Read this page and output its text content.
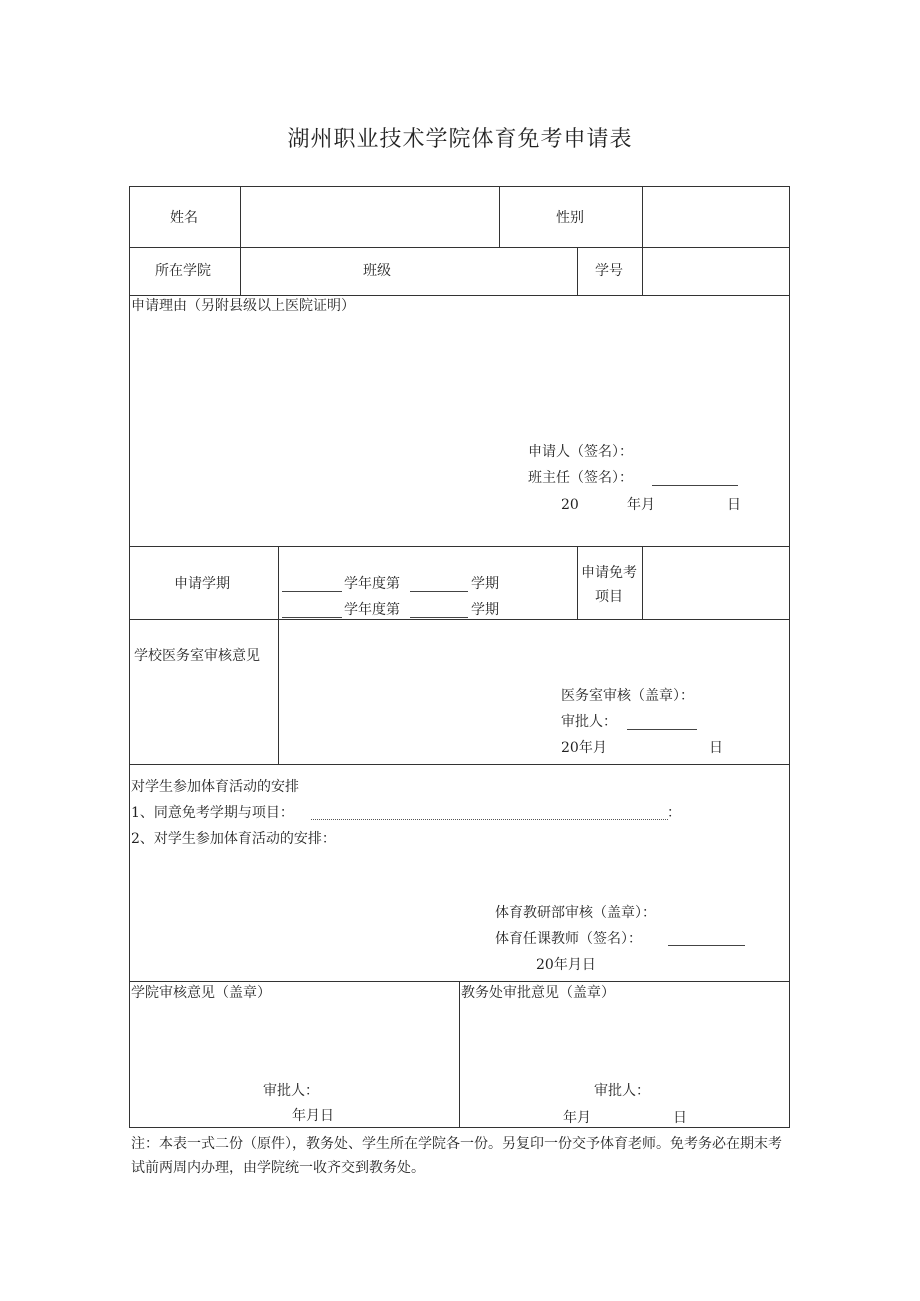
湖州职业技术学院体育免考申请表
姓名	性别
所在学院	班级	学号
申请理由（另附县级以上医院证明）
申请人（签名）：
班主任（签名）：
20	年月	日
申请学期	学年度第	学期
学年度第	学期
申请免考
项目
学校医务室审核意见
医务室审核（盖章）：
审批人：
20年月	日
对学生参加体育活动的安排
1、同意免考学期与项目：	：
2、对学生参加体育活动的安排：
体育教研部审核（盖章）：
体育任课教师（签名）：
20年月日
学院审核意见（盖章）
审批人：
年月日
教务处审批意见（盖章）
审批人：
年月	日
注：本表一式二份（原件），教务处、学生所在学院各一份。另复印一份交予体育老师。免考务必在期末考试前两周内办理，由学院统一收齐交到教务处。
